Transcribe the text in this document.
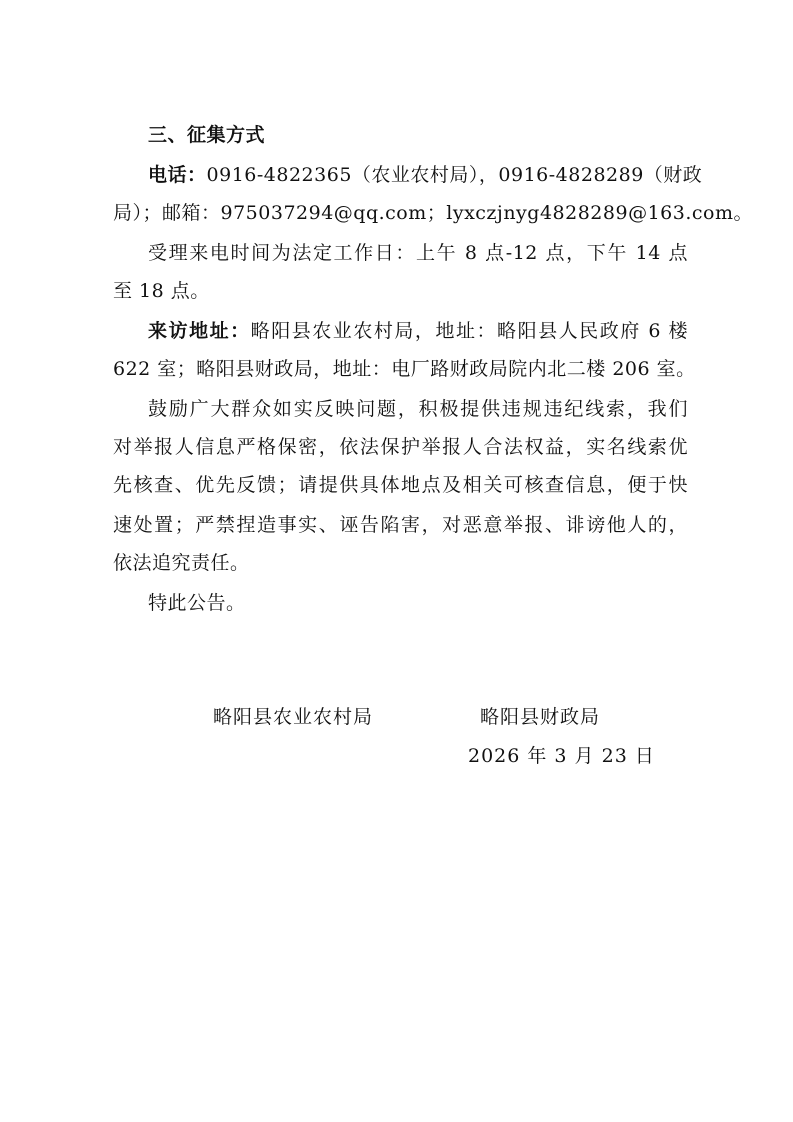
三、征集方式
电话：0916-4822365（农业农村局），0916-4828289（财政
局）；邮箱：975037294@qq.com；lyxczjnyg4828289@163.com。
受理来电时间为法定工作日：上午 8 点-12 点，下午 14 点
至 18 点。
来访地址：略阳县农业农村局，地址：略阳县人民政府 6 楼
622 室；略阳县财政局，地址：电厂路财政局院内北二楼 206 室。
鼓励广大群众如实反映问题，积极提供违规违纪线索，我们
对举报人信息严格保密，依法保护举报人合法权益，实名线索优
先核查、优先反馈；请提供具体地点及相关可核查信息，便于快
速处置；严禁捏造事实、诬告陷害，对恶意举报、诽谤他人的，
依法追究责任。
特此公告。
略阳县农业农村局	略阳县财政局
2026 年 3 月 23 日
